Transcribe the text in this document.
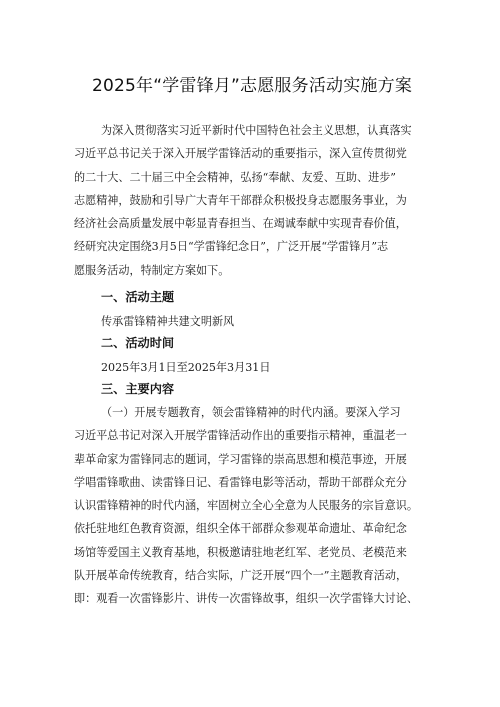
2025年“学雷锋月”志愿服务活动实施方案
为深入贯彻落实习近平新时代中国特色社会主义思想，认真落实
习近平总书记关于深入开展学雷锋活动的重要指示，深入宣传贯彻党
的二十大、二十届三中全会精神，弘扬“奉献、友爱、互助、进步”
志愿精神，鼓励和引导广大青年干部群众积极投身志愿服务事业，为
经济社会高质量发展中彰显青春担当、在竭诚奉献中实现青春价值，
经研究决定围绕3月5日“学雷锋纪念日”，广泛开展“学雷锋月”志
愿服务活动，特制定方案如下。
一、活动主题
传承雷锋精神共建文明新风
二、活动时间
2025年3月1日至2025年3月31日
三、主要内容
（一）开展专题教育，领会雷锋精神的时代内涵。要深入学习
习近平总书记对深入开展学雷锋活动作出的重要指示精神，重温老一
辈革命家为雷锋同志的题词，学习雷锋的崇高思想和模范事迹，开展
学唱雷锋歌曲、读雷锋日记、看雷锋电影等活动，帮助干部群众充分
认识雷锋精神的时代内涵，牢固树立全心全意为人民服务的宗旨意识。
依托驻地红色教育资源，组织全体干部群众参观革命遗址、革命纪念
场馆等爱国主义教育基地，积极邀请驻地老红军、老党员、老模范来
队开展革命传统教育，结合实际，广泛开展“四个一”主题教育活动，
即：观看一次雷锋影片、讲传一次雷锋故事，组织一次学雷锋大讨论、
